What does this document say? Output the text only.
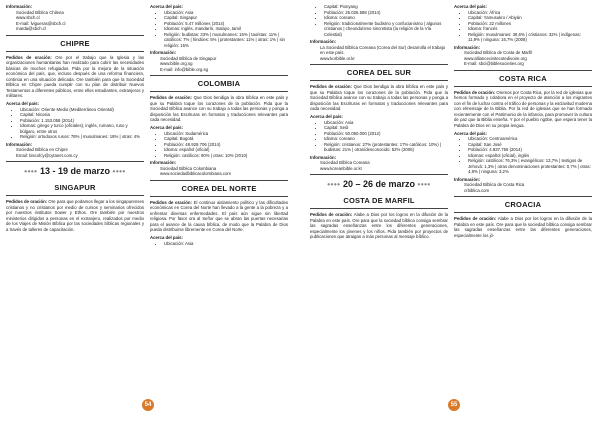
Información:
Sociedad Bíblica Chilena
www.sbch.cl
E-mail: lvigueras@sbch.cl
marda@sbch.cl
CHIPRE

Pedidos de oración: Ore por el trabajo que la Iglesia y las organizaciones humanitarias han realizado para cubrir las necesidades básicas de muchos refugiados. Pida por la mejora de la situación económica del país, que, incluso después de una reforma financiera, continúa en una situación delicada. Ore también para que la Sociedad Bíblica en Chipre pueda cumplir con su plan de distribuir Nuevos Testamentos a diferentes públicos, entre ellos estudiantes, extranjeros y militares.

Acerca del país:
• Ubicación: Oriente Medio (Mediterráneo Oriental)
• Capital: Nicosia
• Población: 1.153.058 (2014)
• Idiomas: griego y turco (oficiales), inglés, rumano, ruso y búlgaro, entre otros
• Religión: ortodoxos rusos: 78% | musulmanes: 18% | otras: 4%
Información:
Sociedad Bíblica en Chipre
Email: biscofcy@cytanet.com.cy
•••• 13 - 19 de marzo ••••
SINGAPUR

Pedidos de oración: Ore para que podamos llegar a los singapurenses cristianos y no cristianos por medio de cursos y seminarios ofrecidos por nuestros institutos Sower y Ethos. Ore también por nuestros ministerios dirigidos a personas en el extranjero, realizados por medio de los Viajes de Misión Bíblica por las sociedades bíblicas regionales y a través de talleres de capacitación.

Acerca del país:
• Ubicación: Asia
• Capital: Singapur
• Población: 5.47 millones (2014)
• Idiomas: inglés, mandarín, malayo, tamil
• Religión: budistas: 33% | musulmanes: 15% | taoístas: 11% | católicos: 7% | hindúes: 5% | protestantes: 11% | otras: 1% | sin religión: 15%
Información:
Sociedad Bíblica de Singapur
www.bible.org.sg
E-mail: info@bible.org.sg
COLOMBIA

Pedidos de oración: Que Dios bendiga la obra bíblica en este país y que su Palabra toque los corazones de la población. Pida que la Sociedad Bíblica avance con su trabajo a todas las personas y ponga a disposición las Escrituras en formatos y traducciones relevantes para cada necesidad.

Acerca del país:
• Ubicación: Sudamérica
• Capital: Bogotá
• Población: 48.929.706 (2014)
• Idioma: español (oficial)
• Religión: católicos: 90% | otras: 10% (2010)
Información:
Sociedad Bíblica Colombiana
www.sociedadbiblicacolombiana.com
COREA DEL NORTE

Pedidos de oración: El continuo aislamiento político y las dificultades económicas en Corea del Norte han llevado a la gente a la pobreza y a enfrentar diversas enfermedades. El país aún sigue sin libertad religiosa. Por favor ora al Señor que se abran las puertas necesarias para el avance de la causa bíblica, de modo que la Palabra de Dios pueda distribuirse libremente en Corea del Norte.

Acerca del país:
• Ubicación: Asia
• Capital: Pionyang
• Población: 25.026.588 (2014)
• Idioma: coreano
• Religión: tradicionalmente budismo y confucianismo | algunos cristianos | cheondoísmo sincretista (la religión de la Vía Celestial)
Información:
La Sociedad Bíblica Coreana (Corea del Sur) desarrolla el trabajo en este país.
www.korbible.or.kr
COREA DEL SUR

Pedidos de oración: Que Dios bendiga la obra bíblica en este país y que su Palabra toque los corazones de la población. Pida que la Sociedad Bíblica avance con su trabajo a todas las personas y ponga a disposición las Escrituras en formatos y traducciones relevantes para cada necesidad.

Acerca del país:
• Ubicación: Asia
• Capital: Seúl
• Población: 50.050.000 (2012)
• Idioma: coreano
• Religión: cristianos: 27% (protestantes: 17% católicos: 10%) | budistas: 21% | otras/desconocido: 52% (2005)
Información:
Sociedad Bíblica Coreana
www.koreanbible.or.kr
•••• 20 – 26 de marzo ••••
COSTA DE MARFIL

Pedidos de oración: Alabe a Dios por los logros en la difusión de la Palabra en este país. Ore para que la sociedad bíblica consiga sembrar las sagradas enseñanzas entre los diferentes generaciones, especialmente los jóvenes y los niños. Pida también por proyectos de publicaciones que atraigan a más personas al mensaje bíblico.

Acerca del país:
• Ubicación: África
• Capital: Yamusukro / Abiyán
• Población: 22 millones
• Idioma: francés
• Religión: musulmanes: 38,6% | cristianos: 32% | indígenas: 11,9% | ninguna: 16,7% (2008)
Información:
Sociedad Bíblica de Costa de Marfil
www.alliancecivitecotedivoire.org
E-mail: sbci@biblesocieties.org
COSTA RICA

Pedidos de oración: Oremos por Costa Rica, por la red de iglesias que hemos formado y colabora en el proyecto de atención a los migrantes con el fin de luchar contra el tráfico de personas y la esclavitud moderna con elmensaje de la Biblia. Por la red de iglesias que se han formado recientemente con el Patrimonio de la infancia, para promover la cultura de paz que la Biblia enseña. Y por el pueblo ngöbe, que espera tener la Palabra de Dios en su propia lengua.

Acerca del país:
• Ubicación: Centroamérica
• Capital: San José
• Población: 4.937.755 (2014)
• Idiomas: español (oficial), inglés
• Religión: católicos: 76,3% | evangélicos: 13,7% | testigos de Jehová: 1,3% | otras denominaciones protestantes: 0,7% | otras: 4,8% | ninguna: 3,2%
Información:
Sociedad Bíblica de Costa Rica
crbiblica.com
CROACIA

Pedidos de oración: Alabe a Dios por los logros en la difusión de la Palabra en este país. Ore para que la sociedad bíblica consiga sembrar las sagradas enseñanzas entre las diferentes generaciones, especialmente los jó-

54	55
